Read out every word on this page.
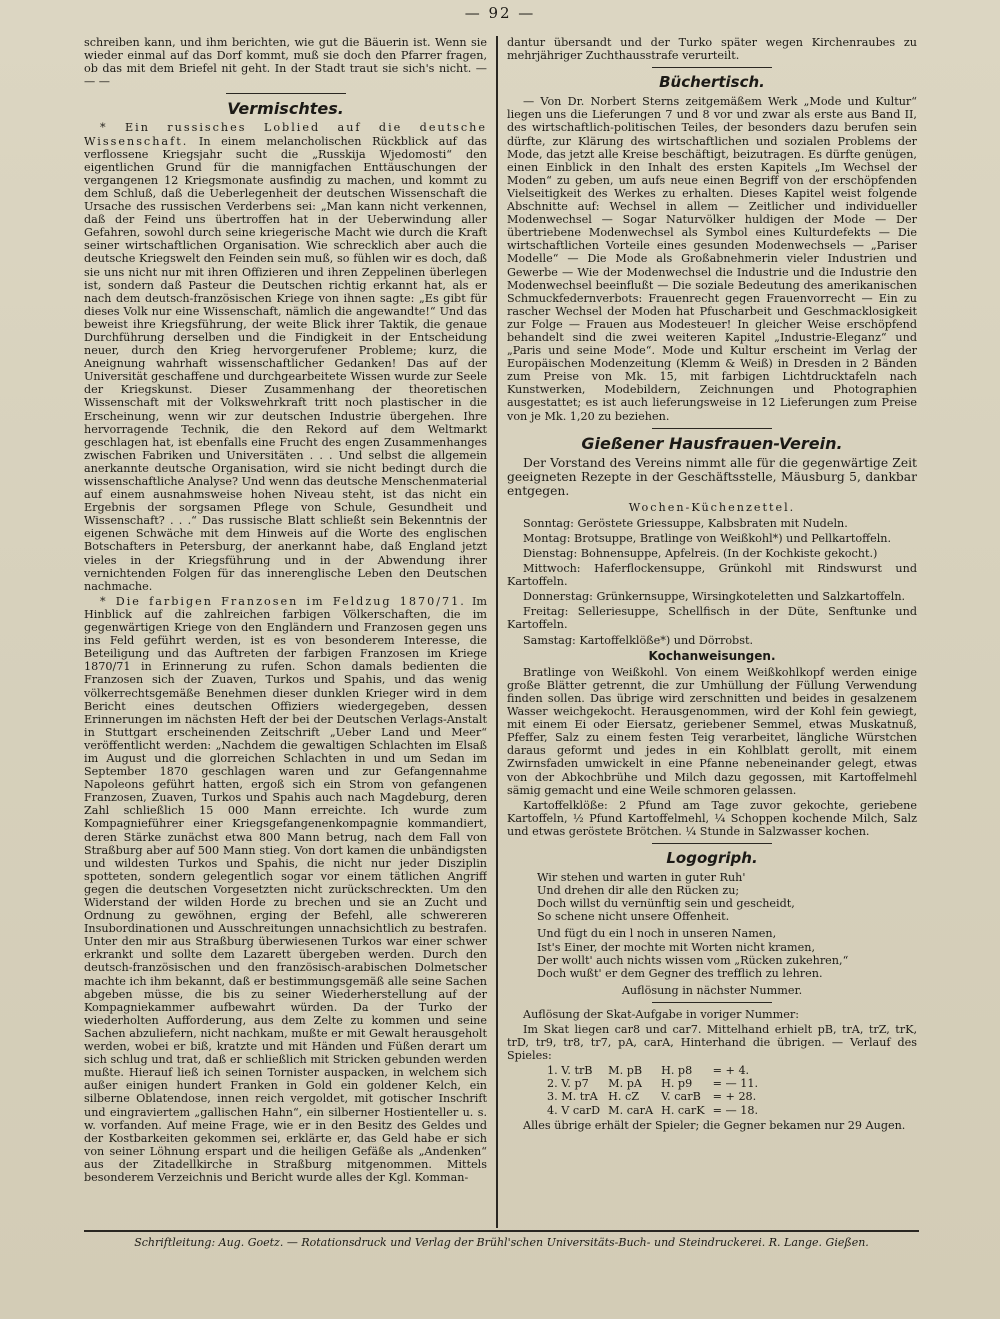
— 92 —

schreiben kann, und ihm berichten, wie gut die Bäuerin ist. Wenn sie wieder einmal auf das Dorf kommt, muß sie doch den Pfarrer fragen, ob das mit dem Briefel nit geht. In der Stadt traut sie sich's nicht. — — —

Vermischtes.

* Ein russisches Loblied auf die deutsche Wissenschaft. In einem melancholischen Rückblick auf das verflossene Kriegsjahr sucht die „Russkija Wjedomosti“ den eigentlichen Grund für die mannigfachen Enttäuschungen der vergangenen 12 Kriegsmonate ausfindig zu machen, und kommt zu dem Schluß, daß die Ueberlegenheit der deutschen Wissenschaft die Ursache des russischen Verderbens sei: „Man kann nicht verkennen, daß der Feind uns übertroffen hat in der Ueberwindung aller Gefahren, sowohl durch seine kriegerische Macht wie durch die Kraft seiner wirtschaftlichen Organisation. Wie schrecklich aber auch die deutsche Kriegswelt den Feinden sein muß, so fühlen wir es doch, daß sie uns nicht nur mit ihren Offizieren und ihren Zeppelinen überlegen ist, sondern daß Pasteur die Deutschen richtig erkannt hat, als er nach dem deutsch-französischen Kriege von ihnen sagte: „Es gibt für dieses Volk nur eine Wissenschaft, nämlich die angewandte!“ Und das beweist ihre Kriegsführung, der weite Blick ihrer Taktik, die genaue Durchführung derselben und die Findigkeit in der Entscheidung neuer, durch den Krieg hervorgerufener Probleme; kurz, die Aneignung wahrhaft wissenschaftlicher Gedanken! Das auf der Universität geschaffene und durchgearbeitete Wissen wurde zur Seele der Kriegskunst. Dieser Zusammenhang der theoretischen Wissenschaft mit der Volkswehrkraft tritt noch plastischer in die Erscheinung, wenn wir zur deutschen Industrie übergehen. Ihre hervorragende Technik, die den Rekord auf dem Weltmarkt geschlagen hat, ist ebenfalls eine Frucht des engen Zusammenhanges zwischen Fabriken und Universitäten . . . Und selbst die allgemein anerkannte deutsche Organisation, wird sie nicht bedingt durch die wissenschaftliche Analyse? Und wenn das deutsche Menschenmaterial auf einem ausnahmsweise hohen Niveau steht, ist das nicht ein Ergebnis der sorgsamen Pflege von Schule, Gesundheit und Wissenschaft? . . .“ Das russische Blatt schließt sein Bekenntnis der eigenen Schwäche mit dem Hinweis auf die Worte des englischen Botschafters in Petersburg, der anerkannt habe, daß England jetzt vieles in der Kriegsführung und in der Abwendung ihrer vernichtenden Folgen für das innerenglische Leben den Deutschen nachmache.

* Die farbigen Franzosen im Feldzug 1870/71. Im Hinblick auf die zahlreichen farbigen Völkerschaften, die im gegenwärtigen Kriege von den Engländern und Franzosen gegen uns ins Feld geführt werden, ist es von besonderem Interesse, die Beteiligung und das Auftreten der farbigen Franzosen im Kriege 1870/71 in Erinnerung zu rufen. Schon damals bedienten die Franzosen sich der Zuaven, Turkos und Spahis, und das wenig völkerrechtsgemäße Benehmen dieser dunklen Krieger wird in dem Bericht eines deutschen Offiziers wiedergegeben, dessen Erinnerungen im nächsten Heft der bei der Deutschen Verlags-Anstalt in Stuttgart erscheinenden Zeitschrift „Ueber Land und Meer“ veröffentlicht werden: „Nachdem die gewaltigen Schlachten im Elsaß im August und die glorreichen Schlachten in und um Sedan im September 1870 geschlagen waren und zur Gefangennahme Napoleons geführt hatten, ergoß sich ein Strom von gefangenen Franzosen, Zuaven, Turkos und Spahis auch nach Magdeburg, deren Zahl schließlich 15 000 Mann erreichte. Ich wurde zum Kompagnieführer einer Kriegsgefangenenkompagnie kommandiert, deren Stärke zunächst etwa 800 Mann betrug, nach dem Fall von Straßburg aber auf 500 Mann stieg. Von dort kamen die unbändigsten und wildesten Turkos und Spahis, die nicht nur jeder Disziplin spotteten, sondern gelegentlich sogar vor einem tätlichen Angriff gegen die deutschen Vorgesetzten nicht zurückschreckten. Um den Widerstand der wilden Horde zu brechen und sie an Zucht und Ordnung zu gewöhnen, erging der Befehl, alle schwereren Insubordinationen und Ausschreitungen unnachsichtlich zu bestrafen. Unter den mir aus Straßburg überwiesenen Turkos war einer schwer erkrankt und sollte dem Lazarett übergeben werden. Durch den deutsch-französischen und den französisch-arabischen Dolmetscher machte ich ihm bekannt, daß er bestimmungsgemäß alle seine Sachen abgeben müsse, die bis zu seiner Wiederherstellung auf der Kompagniekammer aufbewahrt würden. Da der Turko der wiederholten Aufforderung, aus dem Zelte zu kommen und seine Sachen abzuliefern, nicht nachkam, mußte er mit Gewalt herausgeholt werden, wobei er biß, kratzte und mit Händen und Füßen derart um sich schlug und trat, daß er schließlich mit Stricken gebunden werden mußte. Hierauf ließ ich seinen Tornister auspacken, in welchem sich außer einigen hundert Franken in Gold ein goldener Kelch, ein silberne Oblatendose, innen reich vergoldet, mit gotischer Inschrift und eingraviertem „gallischen Hahn“, ein silberner Hostienteller u. s. w. vorfanden. Auf meine Frage, wie er in den Besitz des Geldes und der Kostbarkeiten gekommen sei, erklärte er, das Geld habe er sich von seiner Löhnung erspart und die heiligen Gefäße als „Andenken“ aus der Zitadellkirche in Straßburg mitgenommen. Mittels besonderem Verzeichnis und Bericht wurde alles der Kgl. Komman-

dantur übersandt und der Turko später wegen Kirchenraubes zu mehrjähriger Zuchthausstrafe verurteilt.

Büchertisch.

— Von Dr. Norbert Sterns zeitgemäßem Werk „Mode und Kultur“ liegen uns die Lieferungen 7 und 8 vor und zwar als erste aus Band II, des wirtschaftlich-politischen Teiles, der besonders dazu berufen sein dürfte, zur Klärung des wirtschaftlichen und sozialen Problems der Mode, das jetzt alle Kreise beschäftigt, beizutragen. Es dürfte genügen, einen Einblick in den Inhalt des ersten Kapitels „Im Wechsel der Moden“ zu geben, um aufs neue einen Begriff von der erschöpfenden Vielseitigkeit des Werkes zu erhalten. Dieses Kapitel weist folgende Abschnitte auf: Wechsel in allem — Zeitlicher und individueller Modenwechsel — Sogar Naturvölker huldigen der Mode — Der übertriebene Modenwechsel als Symbol eines Kulturdefekts — Die wirtschaftlichen Vorteile eines gesunden Modenwechsels — „Pariser Modelle“ — Die Mode als Großabnehmerin vieler Industrien und Gewerbe — Wie der Modenwechsel die Industrie und die Industrie den Modenwechsel beeinflußt — Die soziale Bedeutung des amerikanischen Schmuckfedernverbots: Frauenrecht gegen Frauenvorrecht — Ein zu rascher Wechsel der Moden hat Pfuscharbeit und Geschmacklosigkeit zur Folge — Frauen aus Modesteuer! In gleicher Weise erschöpfend behandelt sind die zwei weiteren Kapitel „Industrie-Eleganz“ und „Paris und seine Mode“. Mode und Kultur erscheint im Verlag der Europäischen Modenzeitung (Klemm & Weiß) in Dresden in 2 Bänden zum Preise von Mk. 15, mit farbigen Lichtdrucktafeln nach Kunstwerken, Modebildern, Zeichnungen und Photographien ausgestattet; es ist auch lieferungsweise in 12 Lieferungen zum Preise von je Mk. 1,20 zu beziehen.

Gießener Hausfrauen-Verein.

Der Vorstand des Vereins nimmt alle für die gegenwärtige Zeit geeigneten Rezepte in der Geschäftsstelle, Mäusburg 5, dankbar entgegen.

Wochen-Küchenzettel.

Sonntag: Geröstete Griessuppe, Kalbsbraten mit Nudeln.

Montag: Brotsuppe, Bratlinge von Weißkohl*) und Pellkartoffeln.

Dienstag: Bohnensuppe, Apfelreis. (In der Kochkiste gekocht.)

Mittwoch: Haferflockensuppe, Grünkohl mit Rindswurst und Kartoffeln.

Donnerstag: Grünkernsuppe, Wirsingkoteletten und Salzkartoffeln.

Freitag: Selleriesuppe, Schellfisch in der Düte, Senftunke und Kartoffeln.

Samstag: Kartoffelklöße*) und Dörrobst.

Kochanweisungen.

Bratlinge von Weißkohl. Von einem Weißkohlkopf werden einige große Blätter getrennt, die zur Umhüllung der Füllung Verwendung finden sollen. Das übrige wird zerschnitten und beides in gesalzenem Wasser weichgekocht. Herausgenommen, wird der Kohl fein gewiegt, mit einem Ei oder Eiersatz, geriebener Semmel, etwas Muskatnuß, Pfeffer, Salz zu einem festen Teig verarbeitet, längliche Würstchen daraus geformt und jedes in ein Kohlblatt gerollt, mit einem Zwirnsfaden umwickelt in eine Pfanne nebeneinander gelegt, etwas von der Abkochbrühe und Milch dazu gegossen, mit Kartoffelmehl sämig gemacht und eine Weile schmoren gelassen.

Kartoffelklöße: 2 Pfund am Tage zuvor gekochte, geriebene Kartoffeln, ½ Pfund Kartoffelmehl, ¼ Schoppen kochende Milch, Salz und etwas geröstete Brötchen. ¼ Stunde in Salzwasser kochen.

Logogriph.
Wir stehen und warten in guter Ruh'
Und drehen dir alle den Rücken zu;
Doch willst du vernünftig sein und gescheidt,
So schene nicht unsere Offenheit.
Und fügt du ein l noch in unseren Namen,
Ist's Einer, der mochte mit Worten nicht kramen,
Der wollt' auch nichts wissen vom „Rücken zukehren,“
Doch wußt' er dem Gegner des trefflich zu lehren.
Auflösung in nächster Nummer.

Auflösung der Skat-Aufgabe in voriger Nummer:

Im Skat liegen car8 und car7. Mittelhand erhielt pB, trA, trZ, trK, trD, tr9, tr8, tr7, pA, carA, Hinterhand die übrigen. — Verlauf des Spieles:

1. V. trB	M. pB	H. p8	= + 4.
2. V. p7	M. pA	H. p9	= — 11.
3. M. trA	H. cZ	V. carB	= + 28.
4. V carD	M. carA	H. carK	= — 18.

Alles übrige erhält der Spieler; die Gegner bekamen nur 29 Augen.

Schriftleitung: Aug. Goetz. — Rotationsdruck und Verlag der Brühl'schen Universitäts-Buch- und Steindruckerei. R. Lange. Gießen.
